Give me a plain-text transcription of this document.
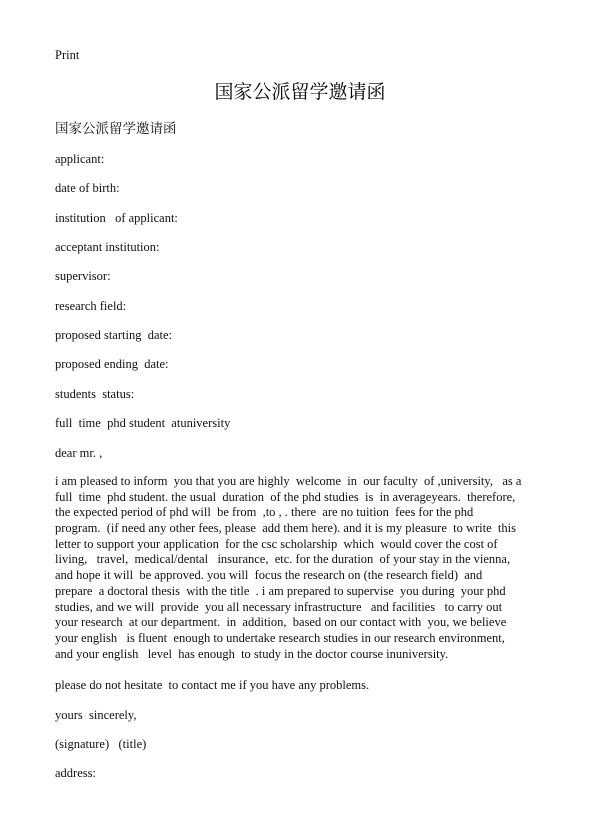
Print
国家公派留学邀请函
国家公派留学邀请函
applicant:
date of birth:
institution   of applicant:
acceptant institution:
supervisor:
research field:
proposed starting  date:
proposed ending  date:
students  status:
full  time  phd student  atuniversity
dear mr. ,
i am pleased to inform  you that you are highly  welcome  in  our faculty  of ,university,   as a
full  time  phd student. the usual  duration  of the phd studies  is  in averageyears.  therefore,
the expected period of phd will  be from  ,to , . there  are no tuition  fees for the phd
program.  (if need any other fees, please  add them here). and it is my pleasure  to write  this
letter to support your application  for the csc scholarship  which  would cover the cost of
living,   travel,  medical/dental   insurance,  etc. for the duration  of your stay in the vienna,
and hope it will  be approved. you will  focus the research on (the research field)  and
prepare  a doctoral thesis  with the title  . i am prepared to supervise  you during  your phd
studies, and we will  provide  you all necessary infrastructure   and facilities   to carry out
your research  at our department.  in  addition,  based on our contact with  you, we believe
your english   is fluent  enough to undertake research studies in our research environment,
and your english   level  has enough  to study in the doctor course inuniversity.
please do not hesitate  to contact me if you have any problems.
yours  sincerely,
(signature)   (title)
address:
